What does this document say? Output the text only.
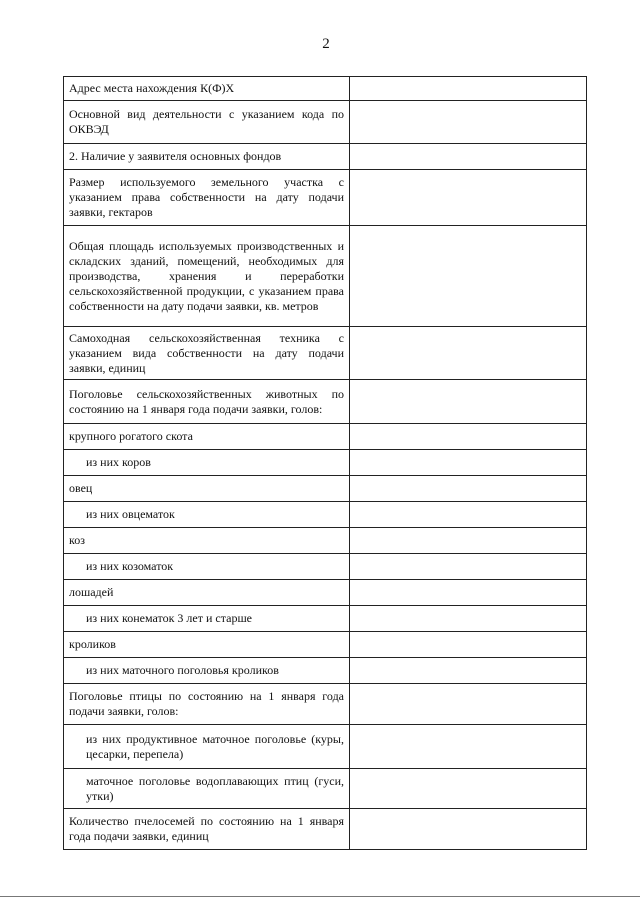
2
Адрес места нахождения К(Ф)Х	
Основной вид деятельности с указанием кода по ОКВЭД	
2. Наличие у заявителя основных фондов	
Размер используемого земельного участка с указанием права собственности на дату подачи заявки, гектаров	
Общая площадь используемых производственных и складских зданий, помещений, необходимых для производства, хранения и переработки сельскохозяйственной продукции, с указанием права собственности на дату подачи заявки, кв. метров	
Самоходная сельскохозяйственная техника с указанием вида собственности на дату подачи заявки, единиц	
Поголовье сельскохозяйственных животных по состоянию на 1 января года подачи заявки, голов:	
крупного рогатого скота	
из них коров	
овец	
из них овцематок	
коз	
из них козоматок	
лошадей	
из них конематок 3 лет и старше	
кроликов	
из них маточного поголовья кроликов	
Поголовье птицы по состоянию на 1 января года подачи заявки, голов:	
из них продуктивное маточное поголовье (куры, цесарки, перепела)	
маточное поголовье водоплавающих птиц (гуси, утки)	
Количество пчелосемей по состоянию на 1 января года подачи заявки, единиц	
